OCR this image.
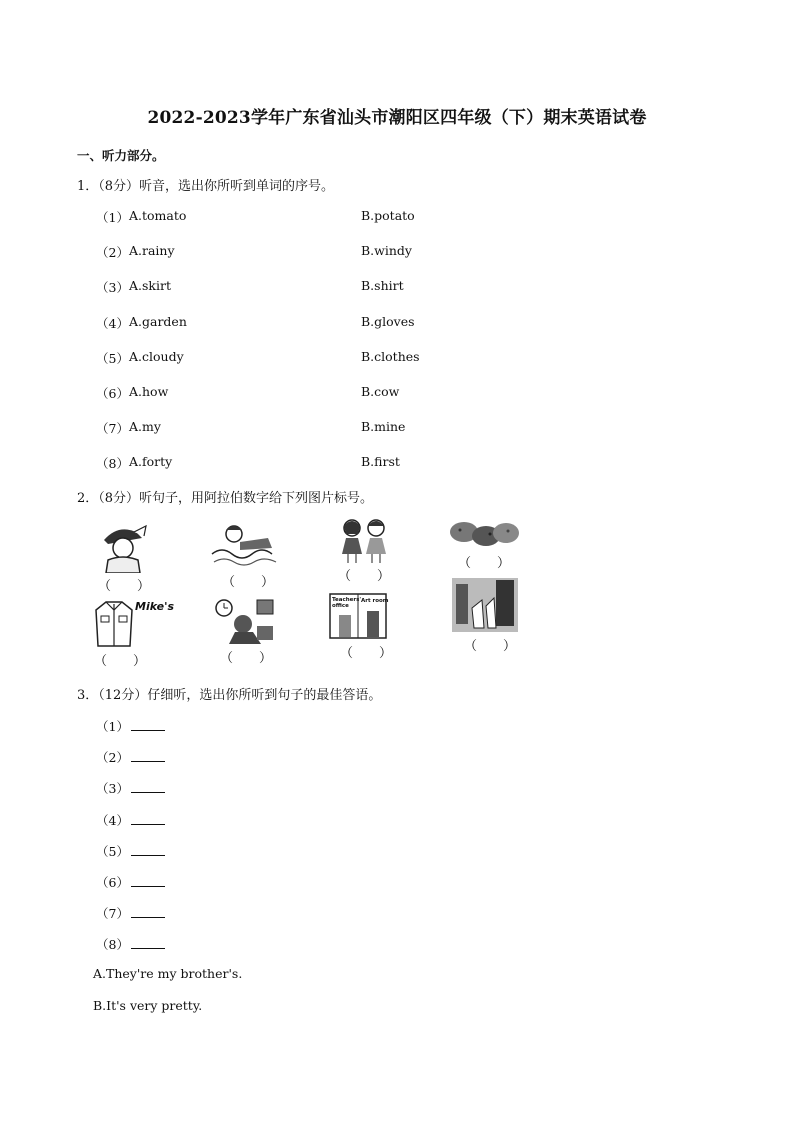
2022-2023学年广东省汕头市潮阳区四年级（下）期末英语试卷
一、听力部分。
1．（8分）听音，选出你所听到单词的序号。
（1） A.tomato	B.potato
（2） A.rainy	B.windy
（3） A.skirt	B.shirt
（4） A.garden	B.gloves
（5） A.cloudy	B.clothes
（6） A.how	B.cow
（7） A.my	B.mine
（8） A.forty	B.first
2．（8分）听句子，用阿拉伯数字给下列图片标号。
（　　）	（　　）	（　　）
（　　）
Mike's
（　　）	（　　）
Teachers' office
Art room
（　　）	（　　）
3．（12分）仔细听，选出你所听到句子的最佳答语。
（1）
（2）
（3）
（4）
（5）
（6）
（7）
（8）
A.They're my brother's.
B.It's very pretty.
